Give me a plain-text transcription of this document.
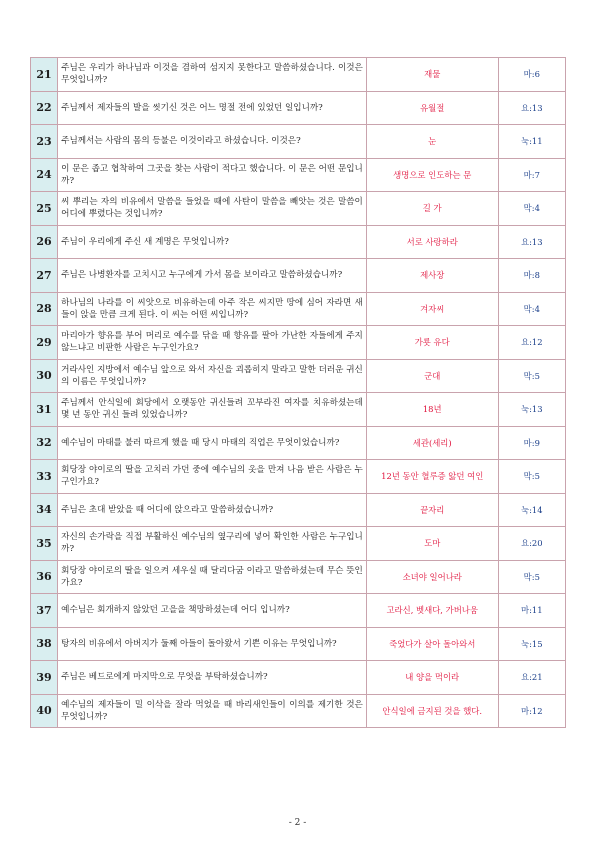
21	주님은 우리가 하나님과 이것을 겸하여 섬지지 못한다고 말씀하셨습니다. 이것은 무엇입니까?	재물	마:6
22	주님께서 제자들의 발을 씻기신 것은 어느 명절 전에 있었던 일입니까?	유월절	요:13
23	주님께서는 사람의 몸의 등불은 이것이라고 하셨습니다. 이것은?	눈	눅:11
24	이 문은 좁고 협착하여 그곳을 찾는 사람이 적다고 했습니다. 이 문은 어떤 문입니까?	생명으로 인도하는 문	마:7
25	씨 뿌리는 자의 비유에서 말씀을 들었을 때에 사탄이 말씀을 빼앗는 것은 말씀이 어디에 뿌렸다는 것입니까?	길 가	막:4
26	주님이 우리에게 주신 새 계명은 무엇입니까?	서로 사랑하라	요:13
27	주님은 나병환자를 고치시고 누구에게 가서 몸을 보이라고 말씀하셨습니까?	제사장	마:8
28	하나님의 나라를 이 씨앗으로 비유하는데 아주 작은 씨지만 땅에 심어 자라면 새들이 앉을 만큼 크게 된다. 이 씨는 어떤 씨입니까?	겨자씨	막:4
29	마리아가 향유를 부어 머리로 예수를 닦을 때 향유를 팔아 가난한 자들에게 주지 않느냐고 비판한 사람은 누구인가요?	가룟 유다	요:12
30	거라사인 지방에서 예수님 앞으로 와서 자신을 괴롭히지 말라고 말한 더러운 귀신의 이름은 무엇입니까?	군대	막:5
31	주님께서 안식일에 회당에서 오랫동안 귀신들려 꼬부라진 여자를 치유하셨는데 몇 년 동안 귀신 들려 있었습니까?	18년	눅:13
32	예수님이 마태를 불러 따르게 했을 때 당시 마태의 직업은 무엇이었습니까?	세관(세리)	마:9
33	회당장 야이로의 딸을 고치러 가던 중에 예수님의 옷을 만져 나음 받은 사람은 누구인가요?	12년 동안 혈루증 앓던 여인	막:5
34	주님은 초대 받았을 때 어디에 앉으라고 말씀하셨습니까?	끝자리	눅:14
35	자신의 손가락을 직접 부활하신 예수님의 옆구리에 넣어 확인한 사람은 누구입니까?	도마	요:20
36	회당장 야이로의 딸을 일으켜 세우실 때 달리다굼 이라고 말씀하셨는데 무슨 뜻인가요?	소녀야 일어나라	막:5
37	예수님은 회개하지 않았던 고을을 책망하셨는데 어디 입니까?	고라신, 벳새다, 가버나움	마:11
38	탕자의 비유에서 아버지가 둘째 아들이 돌아왔서 기쁜 이유는 무엇입니까?	죽었다가 살아 돌아와서	눅:15
39	주님은 베드로에게 마지막으로 무엇을 부탁하셨습니까?	내 양을 먹이라	요:21
40	예수님의 제자들이 밀 이삭을 잘라 먹었을 때 바리새인들이 이의를 제기한 것은 무엇입니까?	안식일에 금지된 것을 했다.	마:12
- 2 -
